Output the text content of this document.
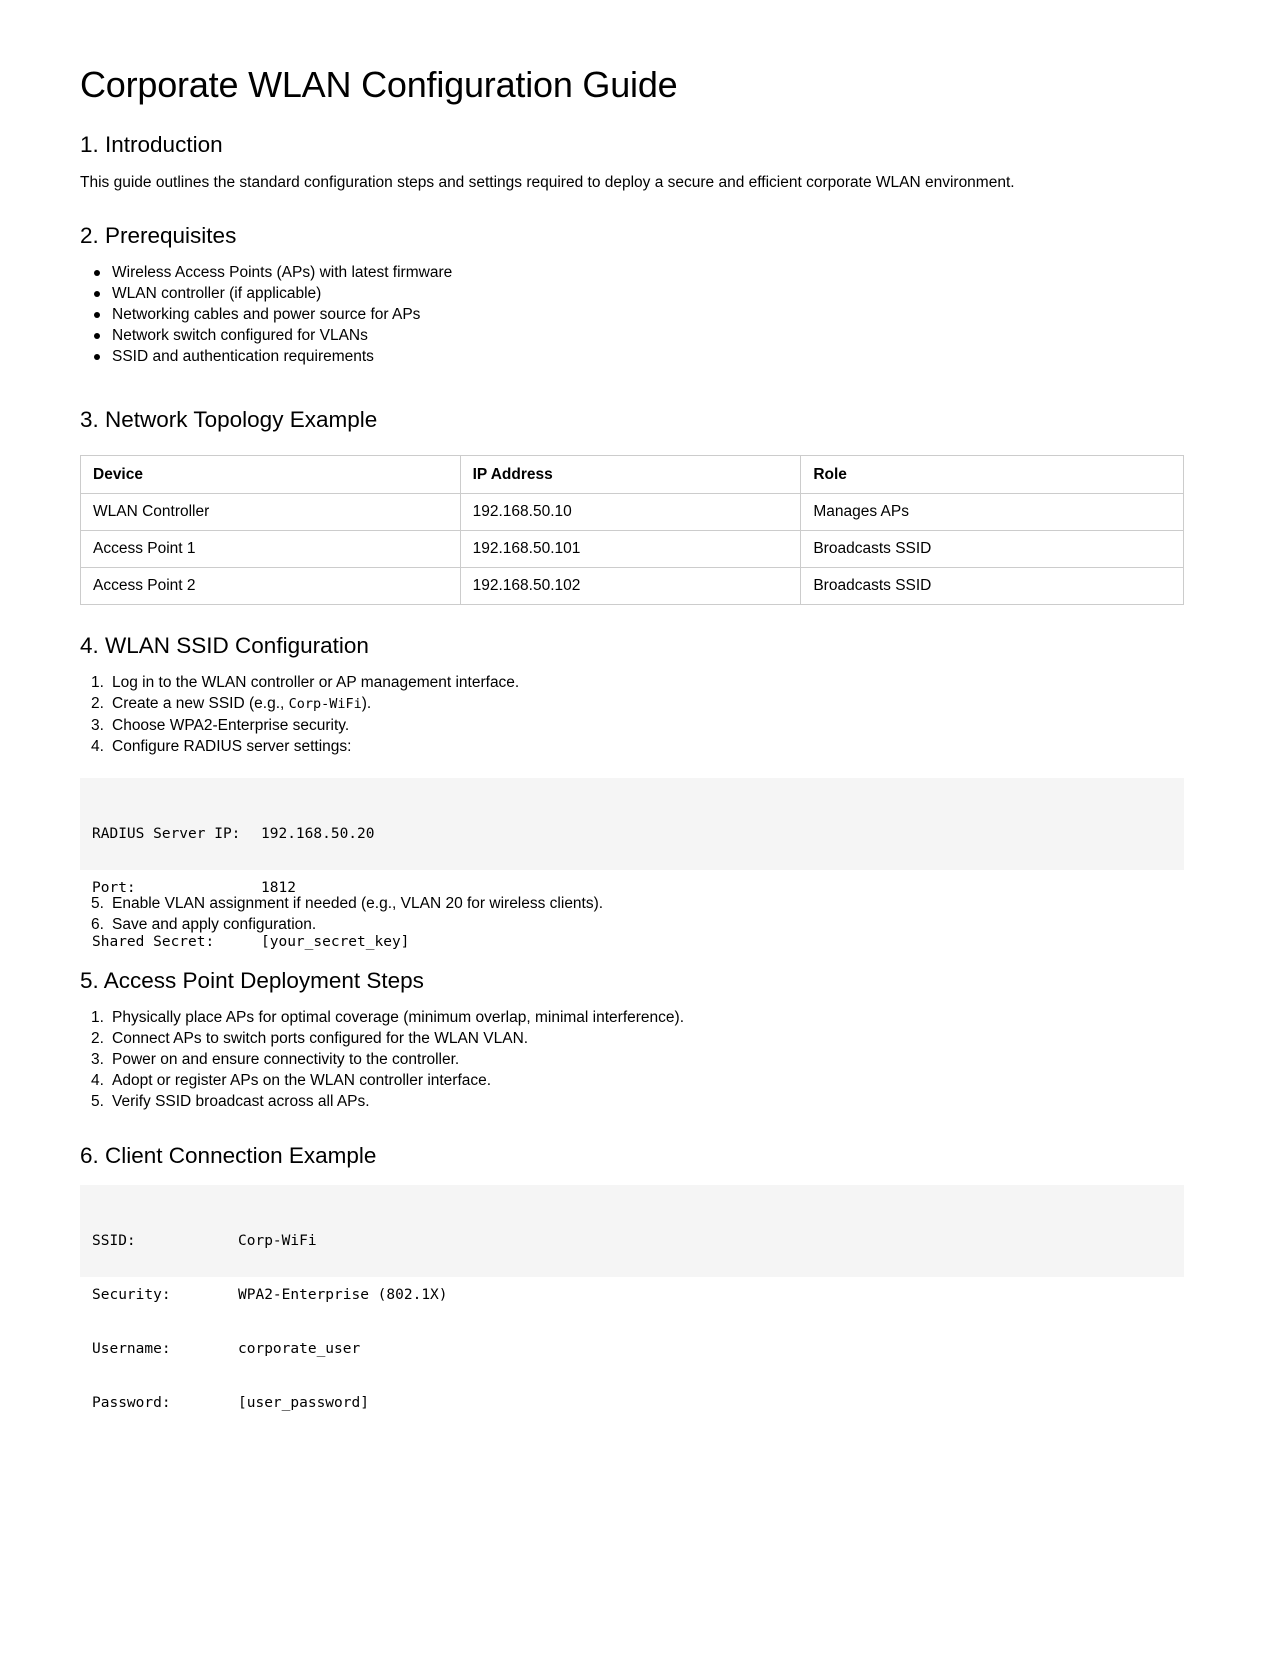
Corporate WLAN Configuration Guide
1. Introduction

This guide outlines the standard configuration steps and settings required to deploy a secure and efficient corporate WLAN environment.

2. Prerequisites
Wireless Access Points (APs) with latest firmware
WLAN controller (if applicable)
Networking cables and power source for APs
Network switch configured for VLANs
SSID and authentication requirements
3. Network Topology Example
Device	IP Address	Role
WLAN Controller	192.168.50.10	Manages APs
Access Point 1	192.168.50.101	Broadcasts SSID
Access Point 2	192.168.50.102	Broadcasts SSID
4. WLAN SSID Configuration
1. Log in to the WLAN controller or AP management interface.
2. Create a new SSID (e.g., Corp-WiFi).
3. Choose WPA2-Enterprise security.
4. Configure RADIUS server settings:

RADIUS Server IP:	192.168.50.20

Port:	1812

Shared Secret:	[your_secret_key]

5. Enable VLAN assignment if needed (e.g., VLAN 20 for wireless clients).
6. Save and apply configuration.
5. Access Point Deployment Steps
1. Physically place APs for optimal coverage (minimum overlap, minimal interference).
2. Connect APs to switch ports configured for the WLAN VLAN.
3. Power on and ensure connectivity to the controller.
4. Adopt or register APs on the WLAN controller interface.
5. Verify SSID broadcast across all APs.
6. Client Connection Example

SSID:	Corp-WiFi

Security:	WPA2-Enterprise (802.1X)

Username:	corporate_user

Password:	[user_password]
